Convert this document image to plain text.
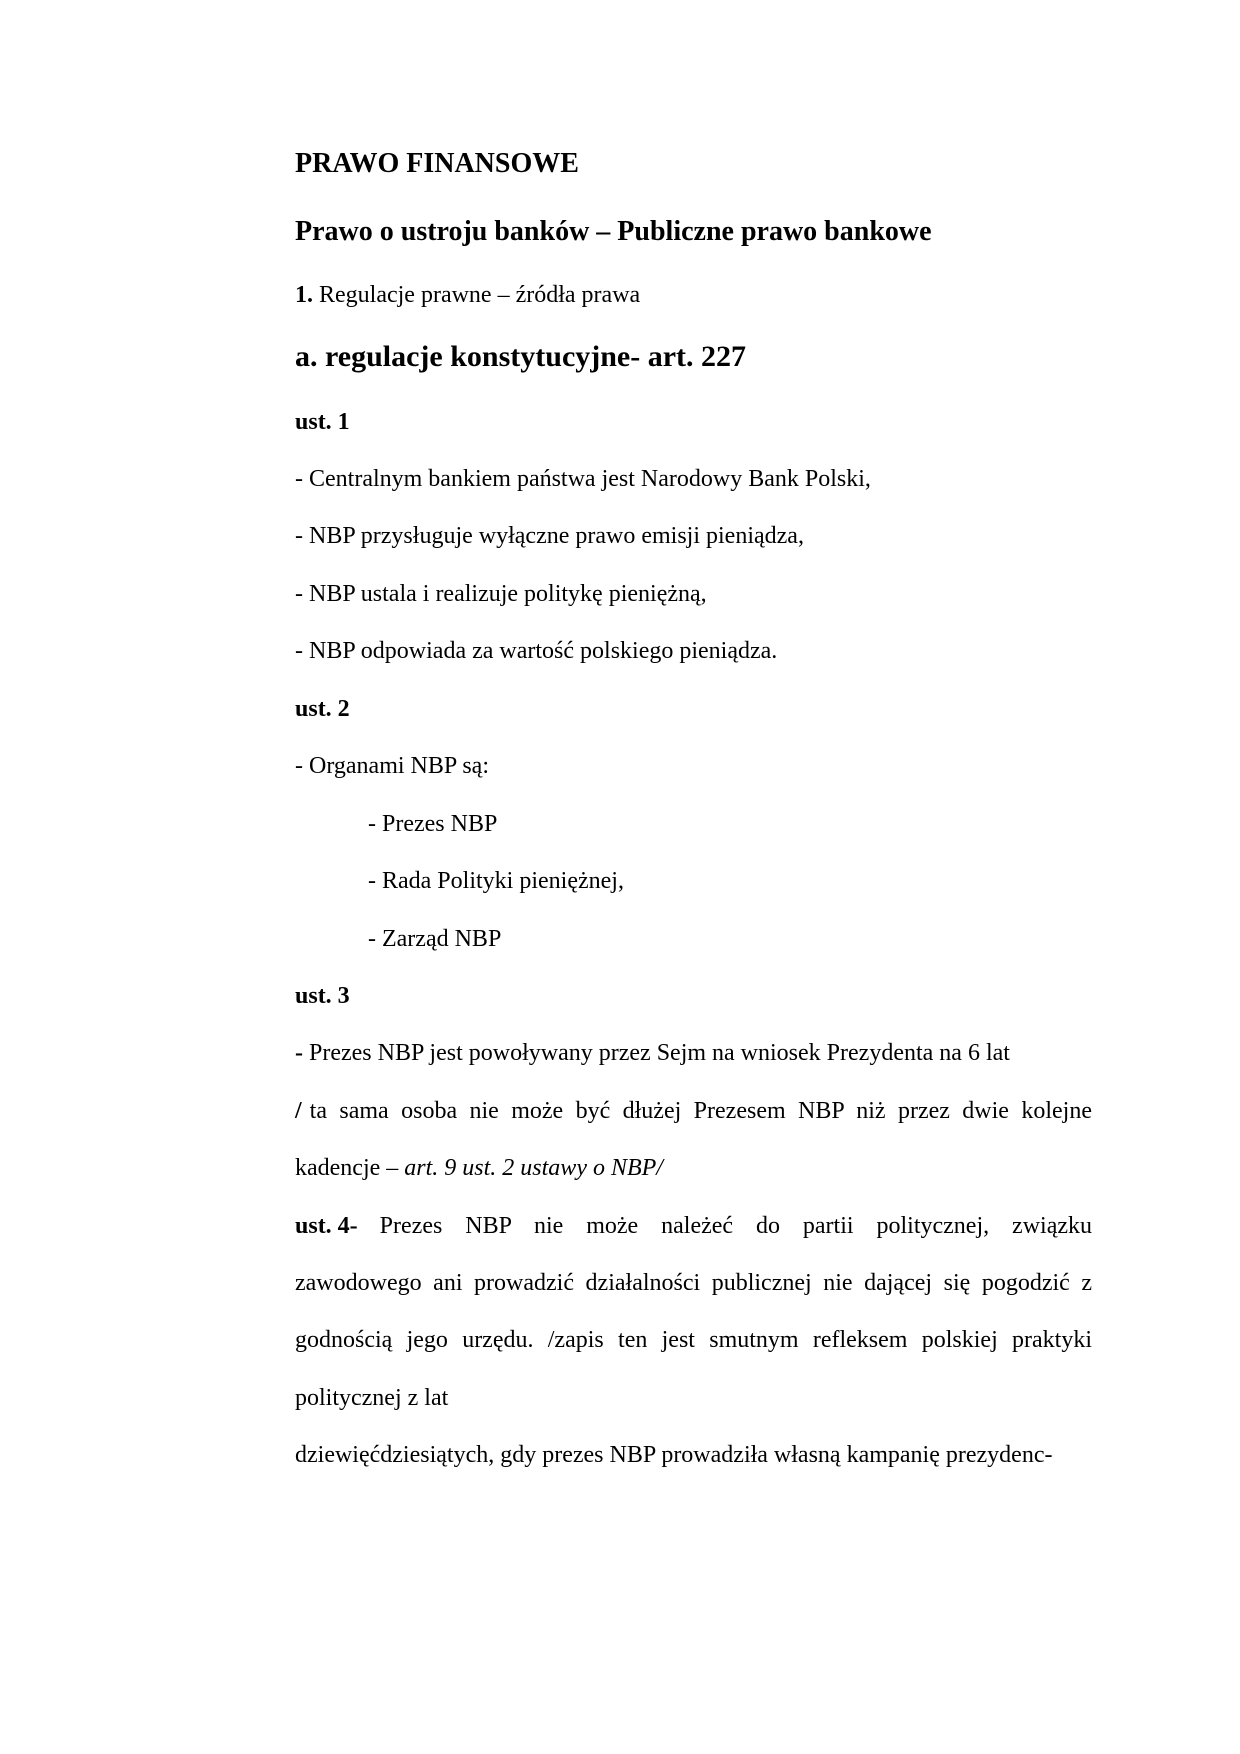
PRAWO FINANSOWE
Prawo o ustroju banków – Publiczne prawo bankowe
1. Regulacje prawne – źródła prawa
a. regulacje konstytucyjne- art. 227
ust. 1
- Centralnym bankiem państwa jest Narodowy Bank Polski,
- NBP przysługuje wyłączne prawo emisji pieniądza,
- NBP ustala i realizuje politykę pieniężną,
- NBP odpowiada za wartość polskiego pieniądza.
ust. 2
- Organami NBP są:
- Prezes NBP
- Rada Polityki pieniężnej,
- Zarząd NBP
ust. 3
- Prezes NBP jest powoływany przez Sejm na wniosek Prezydenta na 6 lat
/ ta sama osoba nie może być dłużej Prezesem NBP niż przez dwie kolejne
kadencje – art. 9 ust. 2 ustawy o NBP/
ust. 4- Prezes NBP nie może należeć do partii politycznej, związku
zawodowego ani prowadzić działalności publicznej nie dającej się pogodzić z
godnością jego urzędu. /zapis ten jest smutnym refleksem polskiej praktyki
politycznej z lat
dziewięćdziesiątych, gdy prezes NBP prowadziła własną kampanię prezydenc-
